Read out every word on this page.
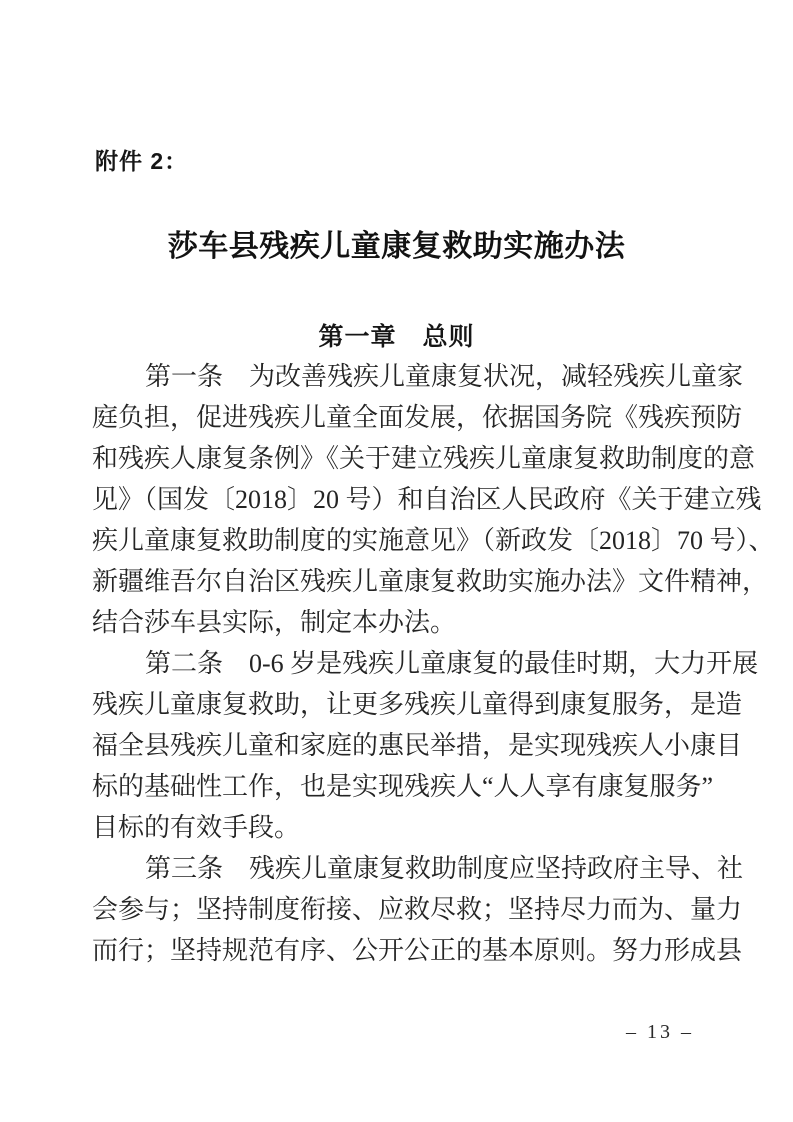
附件 2：
莎车县残疾儿童康复救助实施办法
第一章　总则
第一条　为改善残疾儿童康复状况，减轻残疾儿童家
庭负担，促进残疾儿童全面发展，依据国务院《残疾预防
和残疾人康复条例》《关于建立残疾儿童康复救助制度的意
见》（国发〔2018〕20 号）和自治区人民政府《关于建立残
疾儿童康复救助制度的实施意见》（新政发〔2018〕70 号）、
新疆维吾尔自治区残疾儿童康复救助实施办法》文件精神，
结合莎车县实际，制定本办法。
第二条　0-6 岁是残疾儿童康复的最佳时期，大力开展
残疾儿童康复救助，让更多残疾儿童得到康复服务，是造
福全县残疾儿童和家庭的惠民举措，是实现残疾人小康目
标的基础性工作，也是实现残疾人“人人享有康复服务”
目标的有效手段。
第三条　残疾儿童康复救助制度应坚持政府主导、社
会参与；坚持制度衔接、应救尽救；坚持尽力而为、量力
而行；坚持规范有序、公开公正的基本原则。努力形成县
– 13 –
